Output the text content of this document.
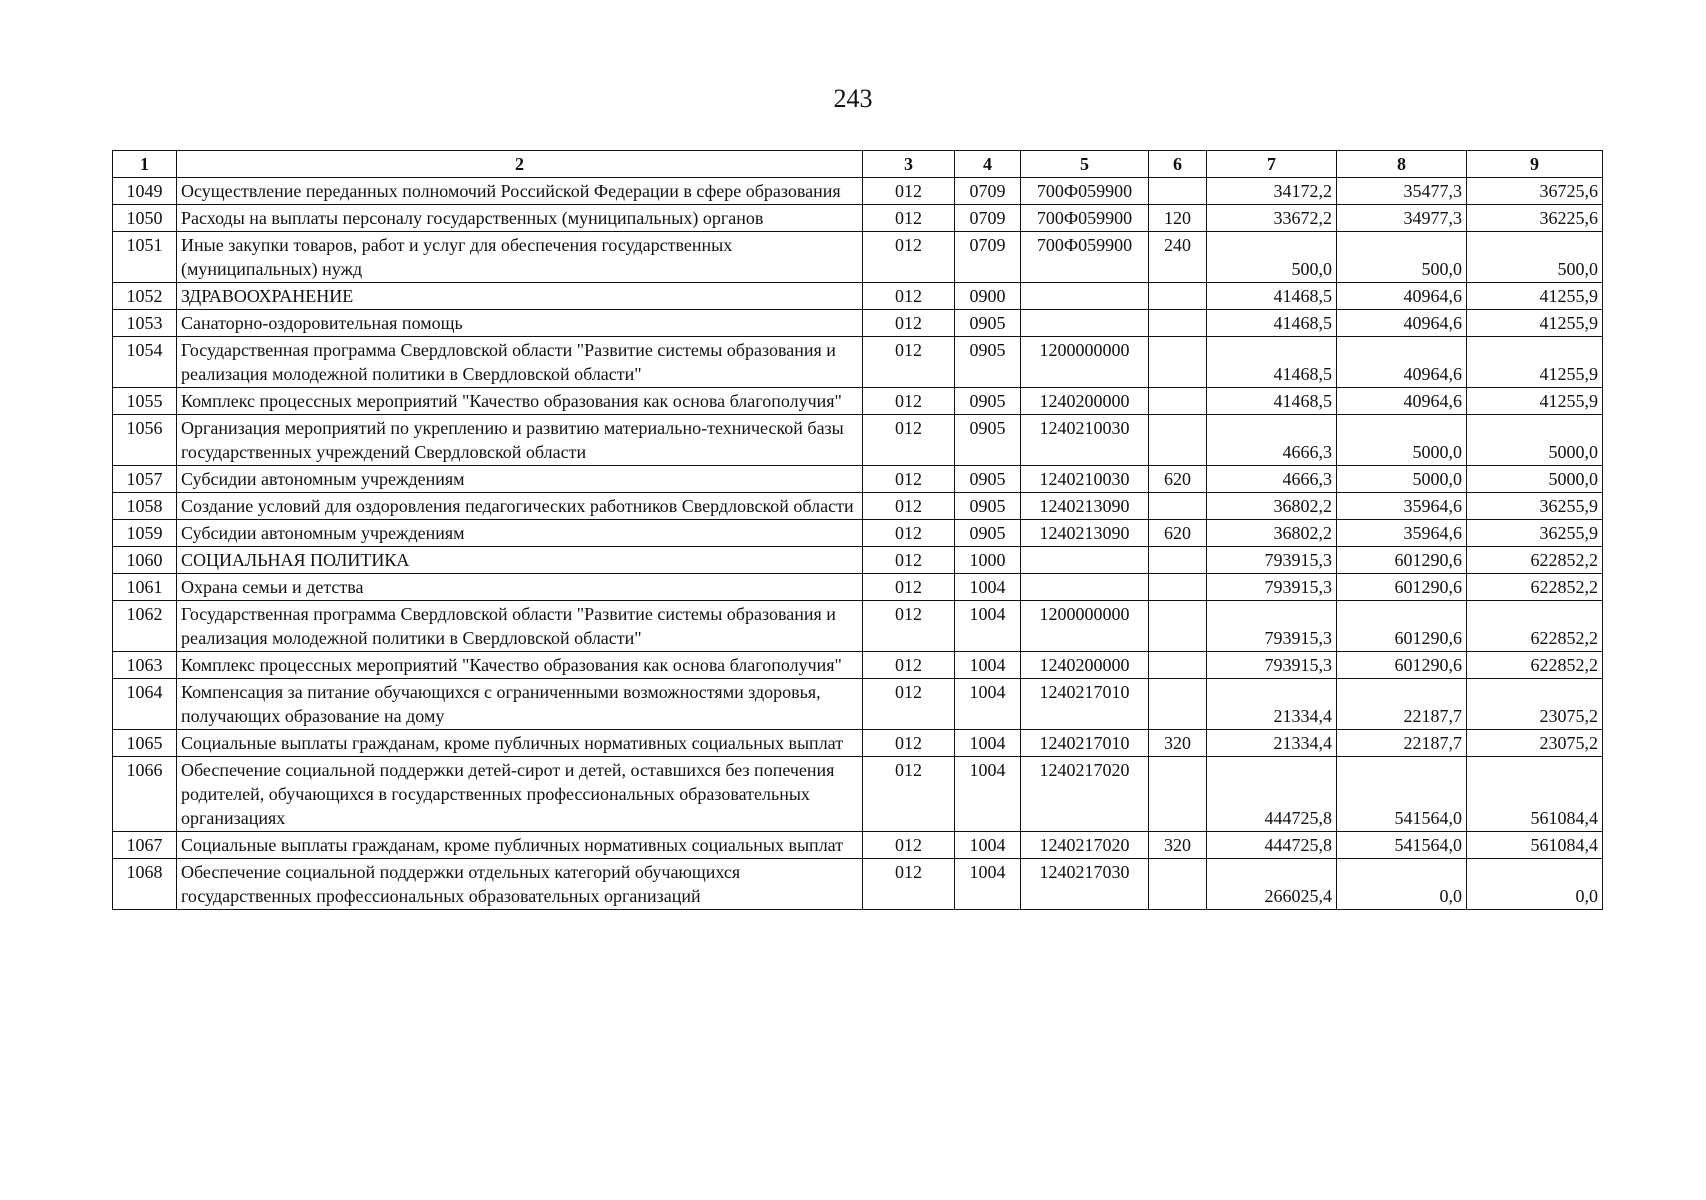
243
1	2	3	4	5	6	7	8	9
1049	Осуществление переданных полномочий Российской Федерации в сфере образования	012	0709	700Ф059900		34172,2	35477,3	36725,6
1050	Расходы на выплаты персоналу государственных (муниципальных) органов	012	0709	700Ф059900	120	33672,2	34977,3	36225,6
1051	Иные закупки товаров, работ и услуг для обеспечения государственных (муниципальных) нужд	012	0709	700Ф059900	240	500,0	500,0	500,0
1052	ЗДРАВООХРАНЕНИЕ	012	0900			41468,5	40964,6	41255,9
1053	Санаторно-оздоровительная помощь	012	0905			41468,5	40964,6	41255,9
1054	Государственная программа Свердловской области "Развитие системы образования и реализация молодежной политики в Свердловской области"	012	0905	1200000000		41468,5	40964,6	41255,9
1055	Комплекс процессных мероприятий "Качество образования как основа благополучия"	012	0905	1240200000		41468,5	40964,6	41255,9
1056	Организация мероприятий по укреплению и развитию материально-технической базы государственных учреждений Свердловской области	012	0905	1240210030		4666,3	5000,0	5000,0
1057	Субсидии автономным учреждениям	012	0905	1240210030	620	4666,3	5000,0	5000,0
1058	Создание условий для оздоровления педагогических работников Свердловской области	012	0905	1240213090		36802,2	35964,6	36255,9
1059	Субсидии автономным учреждениям	012	0905	1240213090	620	36802,2	35964,6	36255,9
1060	СОЦИАЛЬНАЯ ПОЛИТИКА	012	1000			793915,3	601290,6	622852,2
1061	Охрана семьи и детства	012	1004			793915,3	601290,6	622852,2
1062	Государственная программа Свердловской области "Развитие системы образования и реализация молодежной политики в Свердловской области"	012	1004	1200000000		793915,3	601290,6	622852,2
1063	Комплекс процессных мероприятий "Качество образования как основа благополучия"	012	1004	1240200000		793915,3	601290,6	622852,2
1064	Компенсация за питание обучающихся с ограниченными возможностями здоровья, получающих образование на дому	012	1004	1240217010		21334,4	22187,7	23075,2
1065	Социальные выплаты гражданам, кроме публичных нормативных социальных выплат	012	1004	1240217010	320	21334,4	22187,7	23075,2
1066	Обеспечение социальной поддержки детей-сирот и детей, оставшихся без попечения родителей, обучающихся в государственных профессиональных образовательных организациях	012	1004	1240217020		444725,8	541564,0	561084,4
1067	Социальные выплаты гражданам, кроме публичных нормативных социальных выплат	012	1004	1240217020	320	444725,8	541564,0	561084,4
1068	Обеспечение социальной поддержки отдельных категорий обучающихся государственных профессиональных образовательных организаций	012	1004	1240217030		266025,4	0,0	0,0
